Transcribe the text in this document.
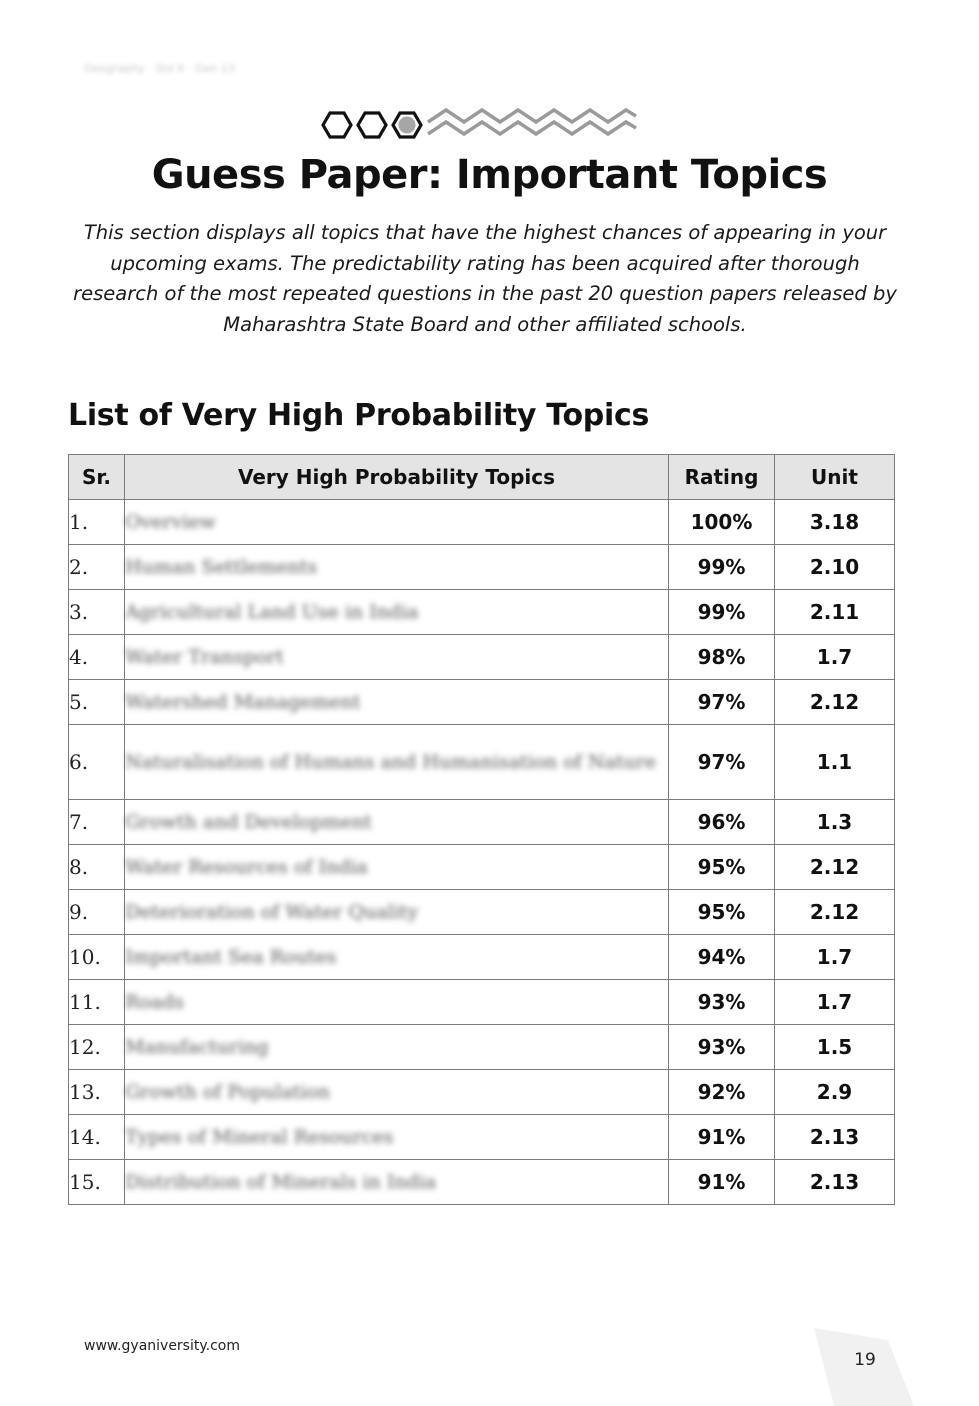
Geography · Std X · Gen 13
Guess Paper: Important Topics
This section displays all topics that have the highest chances of appearing in your upcoming exams. The predictability rating has been acquired after thorough research of the most repeated questions in the past 20 question papers released by Maharashtra State Board and other affiliated schools.
List of Very High Probability Topics
Sr.	Very High Probability Topics	Rating	Unit
1.	Overview	100%	3.18
2.	Human Settlements	99%	2.10
3.	Agricultural Land Use in India	99%	2.11
4.	Water Transport	98%	1.7
5.	Watershed Management	97%	2.12
6.	Naturalisation of Humans and Humanisation of Nature	97%	1.1
7.	Growth and Development	96%	1.3
8.	Water Resources of India	95%	2.12
9.	Deterioration of Water Quality	95%	2.12
10.	Important Sea Routes	94%	1.7
11.	Roads	93%	1.7
12.	Manufacturing	93%	1.5
13.	Growth of Population	92%	2.9
14.	Types of Mineral Resources	91%	2.13
15.	Distribution of Minerals in India	91%	2.13
www.gyaniversity.com
19
